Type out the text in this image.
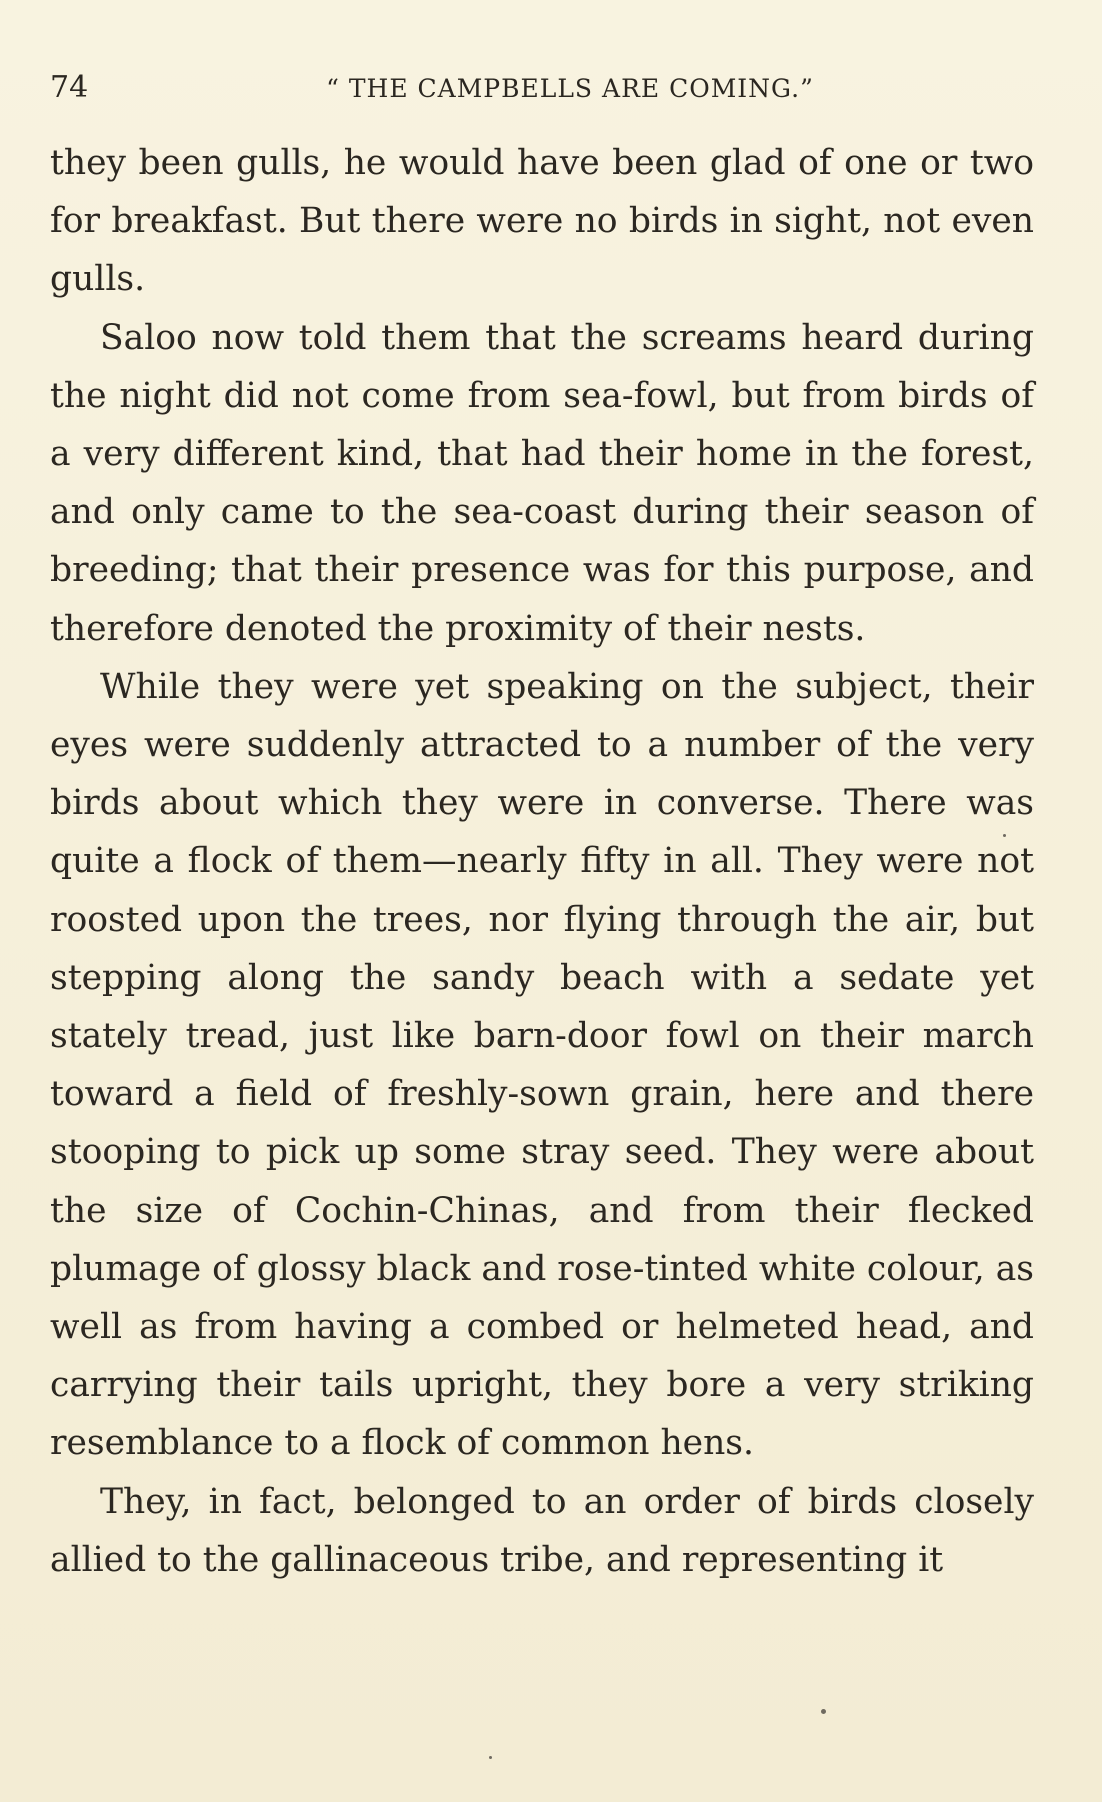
74	“ THE CAMPBELLS ARE COMING.”

they been gulls, he would have been glad of one or two for breakfast. But there were no birds in sight, not even gulls.

Saloo now told them that the screams heard during the night did not come from sea-fowl, but from birds of a very different kind, that had their home in the forest, and only came to the sea-coast during their season of breeding; that their presence was for this purpose, and therefore denoted the proximity of their nests.

While they were yet speaking on the subject, their eyes were suddenly attracted to a number of the very birds about which they were in converse. There was quite a flock of them—nearly fifty in all. They were not roosted upon the trees, nor flying through the air, but stepping along the sandy beach with a sedate yet stately tread, just like barn-door fowl on their march toward a field of freshly-sown grain, here and there stooping to pick up some stray seed. They were about the size of Cochin-Chinas, and from their flecked plumage of glossy black and rose-tinted white colour, as well as from having a combed or helmeted head, and carrying their tails upright, they bore a very striking resemblance to a flock of common hens.

They, in fact, belonged to an order of birds closely allied to the gallinaceous tribe, and representing it
